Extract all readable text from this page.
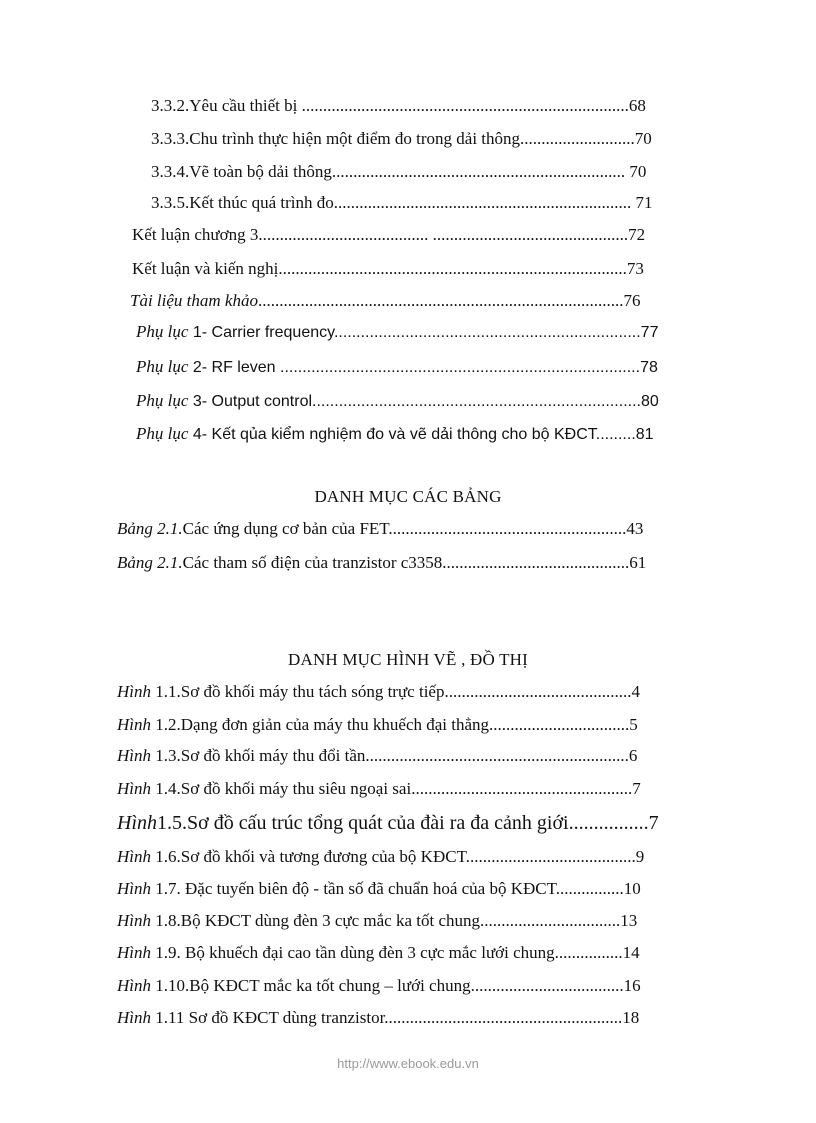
3.3.2.Yêu cầu thiết bị .............................................................................68
3.3.3.Chu trình thực hiện một điểm đo trong dải thông...........................70
3.3.4.Vẽ toàn bộ dải thông..................................................................... 70
3.3.5.Kết thúc quá trình đo...................................................................... 71
Kết luận chương 3........................................ ..............................................72
Kết luận và kiến nghị..................................................................................73
Tài liệu tham khảo......................................................................................76
Phụ lục 1- Carrier frequency.....................................................................77
Phụ lục 2- RF leven .................................................................................78
Phụ lục 3- Output control..........................................................................80
Phụ lục 4- Kết qủa kiểm nghiệm đo và vẽ dải thông cho bộ KĐCT.........81
DANH MỤC CÁC BẢNG
Bảng 2.1.Các ứng dụng cơ bản của FET........................................................43
Bảng 2.1.Các tham số điện của tranzistor c3358............................................61
DANH MỤC HÌNH VẼ , ĐỒ THỊ
Hình 1.1.Sơ đồ khối máy thu tách sóng trực tiếp............................................4
Hình 1.2.Dạng đơn giản của máy thu khuếch đại thẳng.................................5
Hình 1.3.Sơ đồ khối máy thu đổi tần..............................................................6
Hình 1.4.Sơ đồ khối máy thu siêu ngoại sai....................................................7
Hình1.5.Sơ đồ cấu trúc tổng quát của đài ra đa cảnh giới................7
Hình 1.6.Sơ đồ khối và tương đương của bộ KĐCT........................................9
Hình 1.7. Đặc tuyến biên độ - tần số đã chuẩn hoá của bộ KĐCT................10
Hình 1.8.Bộ KĐCT dùng đèn 3 cực mắc ka tốt chung.................................13
Hình 1.9. Bộ khuếch đại cao tần dùng đèn 3 cực mắc lưới chung................14
Hình 1.10.Bộ KĐCT mắc ka tốt chung – lưới chung....................................16
Hình 1.11 Sơ đồ KĐCT dùng tranzistor........................................................18
http://www.ebook.edu.vn
